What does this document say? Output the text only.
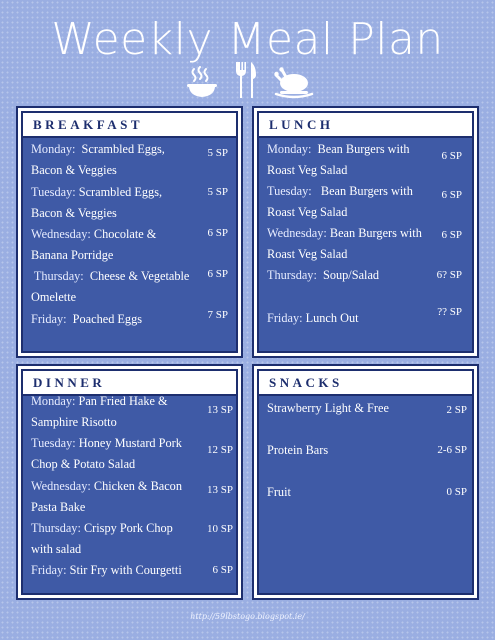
Weekly Meal Plan
BREAKFAST
Monday:  Scrambled Eggs,
Bacon & Veggies
5 SP
Tuesday: Scrambled Eggs,
Bacon & Veggies
5 SP
Wednesday: Chocolate &
Banana Porridge
6 SP
Thursday:  Cheese & Vegetable
Omelette
6 SP
Friday:  Poached Eggs	7 SP
LUNCH
Monday:  Bean Burgers with
Roast Veg Salad
6 SP
Tuesday:   Bean Burgers with
Roast Veg Salad
6 SP
Wednesday: Bean Burgers with
Roast Veg Salad
6 SP
Thursday:  Soup/Salad	6? SP
Friday: Lunch Out	?? SP
DINNER
Monday: Pan Fried Hake &
Samphire Risotto
13 SP
Tuesday: Honey Mustard Pork
Chop & Potato Salad
12 SP
Wednesday: Chicken & Bacon
Pasta Bake
13 SP
Thursday: Crispy Pork Chop
with salad
10 SP
Friday: Stir Fry with Courgetti	6 SP
SNACKS
Strawberry Light & Free	2 SP
Protein Bars	2-6 SP
Fruit	0 SP
http://59lbstogo.blogspot.ie/
